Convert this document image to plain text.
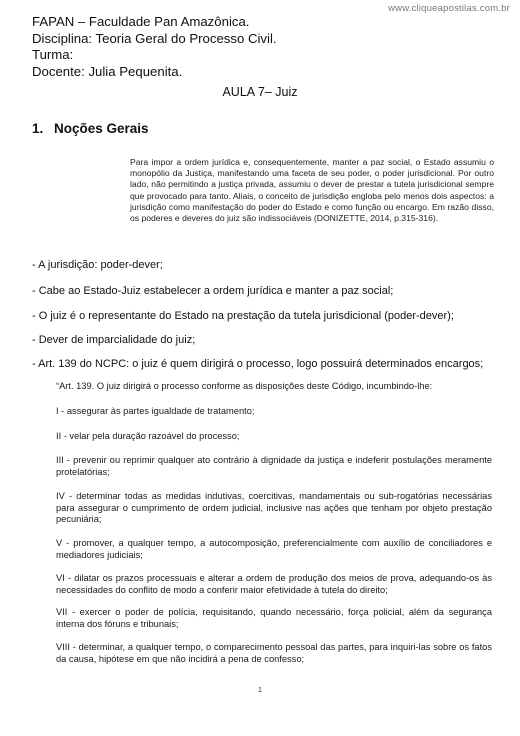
www.cliqueapostilas.com.br
FAPAN – Faculdade Pan Amazônica.
Disciplina: Teoria Geral do Processo Civil.
Turma:
Docente: Julia Pequenita.
AULA 7– Juiz
1. Noções Gerais
Para impor a ordem jurídica e, consequentemente, manter a paz social, o Estado assumiu o monopólio da Justiça, manifestando uma faceta de seu poder, o poder jurisdicional. Por outro lado, não permitindo a justiça privada, assumiu o dever de prestar a tutela jurisdicional sempre que provocado para tanto. Aliais, o conceito de jurisdição engloba pelo menos dois aspectos: a jurisdição como manifestação do poder do Estado e como função ou encargo. Em razão disso, os poderes e deveres do juiz são indissociáveis (DONIZETTE, 2014, p.315-316).
- A jurisdição: poder-dever;
- Cabe ao Estado-Juiz estabelecer a ordem jurídica e manter a paz social;
- O juiz é o representante do Estado na prestação da tutela jurisdicional (poder-dever);
- Dever de imparcialidade do juiz;
- Art. 139 do NCPC: o juiz é quem dirigirá o processo, logo possuirá determinados encargos;
“Art. 139. O juiz dirigirá o processo conforme as disposições deste Código, incumbindo-lhe:
I - assegurar às partes igualdade de tratamento;
II - velar pela duração razoável do processo;
III - prevenir ou reprimir qualquer ato contrário à dignidade da justiça e indeferir postulações meramente protelatórias;
IV - determinar todas as medidas indutivas, coercitivas, mandamentais ou sub-rogatórias necessárias para assegurar o cumprimento de ordem judicial, inclusive nas ações que tenham por objeto prestação pecuniária;
V - promover, a qualquer tempo, a autocomposição, preferencialmente com auxílio de conciliadores e mediadores judiciais;
VI - dilatar os prazos processuais e alterar a ordem de produção dos meios de prova, adequando-os às necessidades do conflito de modo a conferir maior efetividade à tutela do direito;
VII - exercer o poder de polícia, requisitando, quando necessário, força policial, além da segurança interna dos fóruns e tribunais;
VIII - determinar, a qualquer tempo, o comparecimento pessoal das partes, para inquiri-las sobre os fatos da causa, hipótese em que não incidirá a pena de confesso;
1
